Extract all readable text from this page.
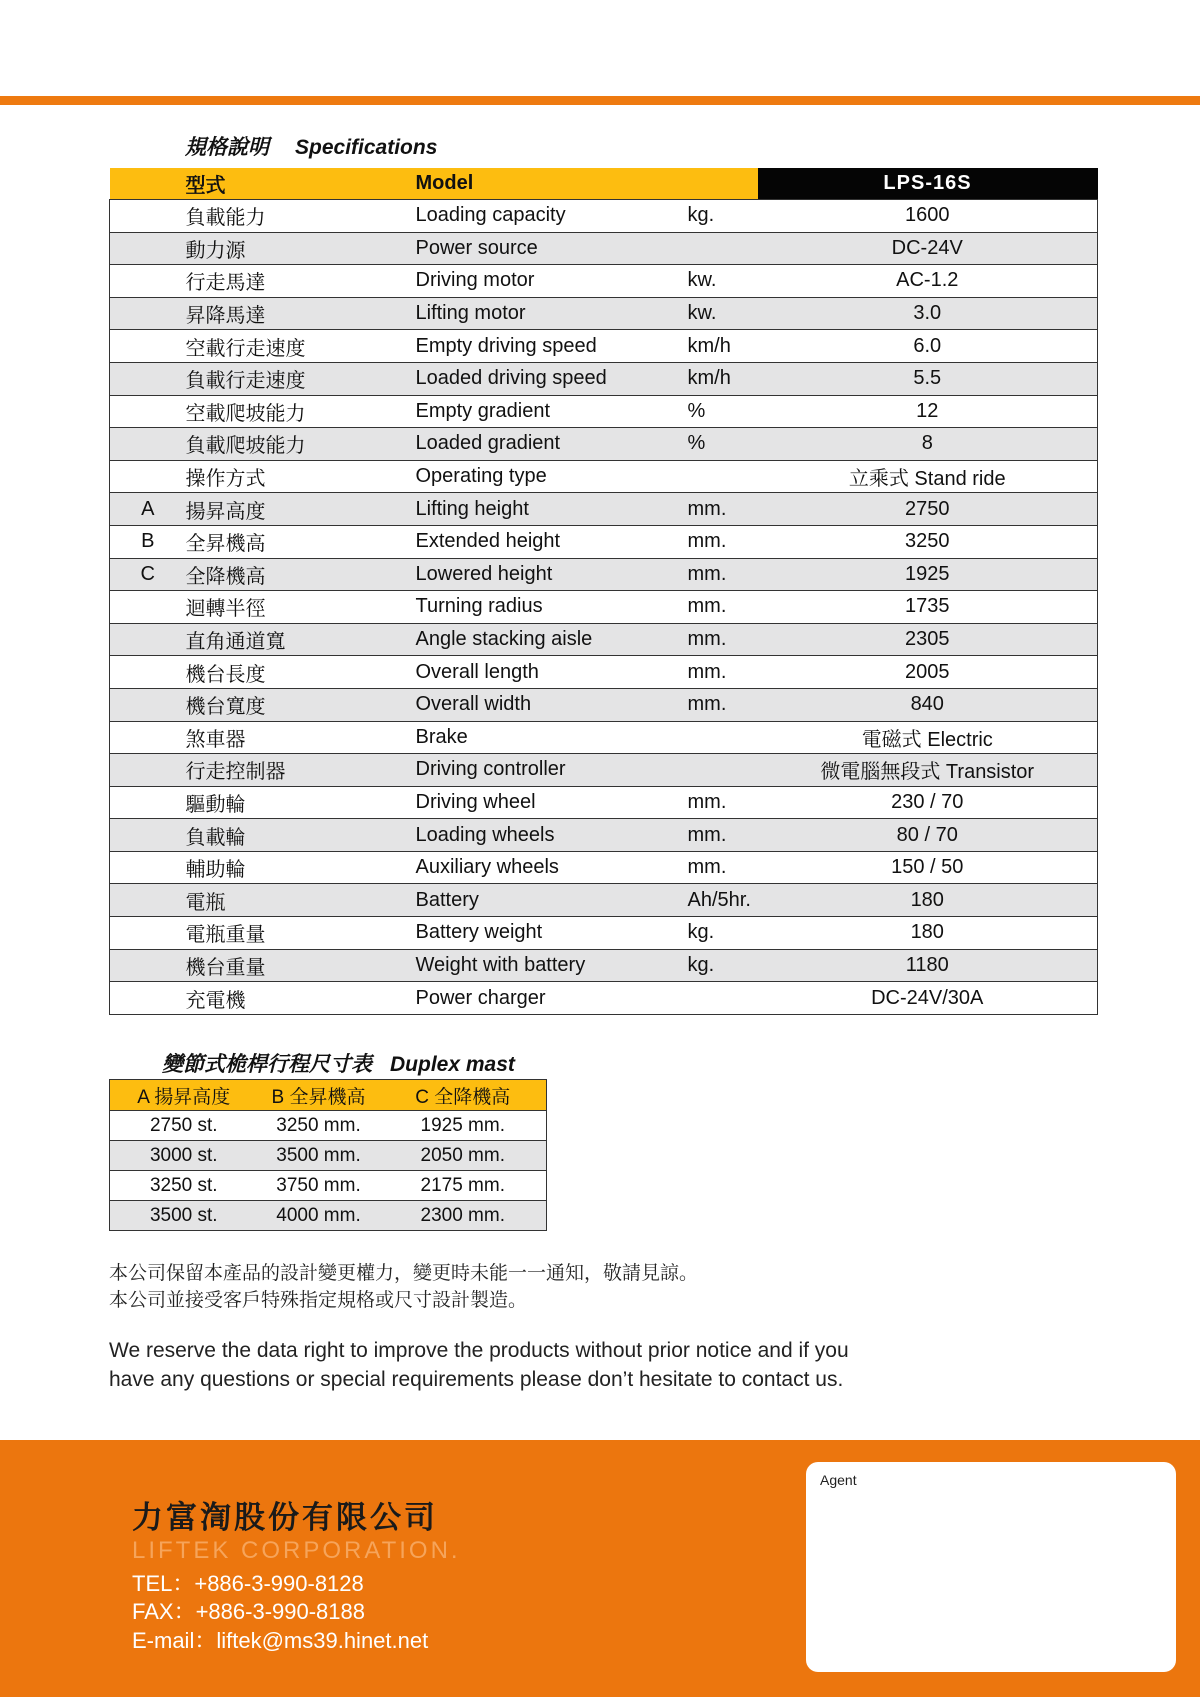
規格說明 Specifications
	型式	Model		LPS-16S
	負載能力	Loading capacity	kg.	1600
	動力源	Power source		DC-24V
	行走馬達	Driving motor	kw.	AC-1.2
	昇降馬達	Lifting motor	kw.	3.0
	空載行走速度	Empty driving speed	km/h	6.0
	負載行走速度	Loaded driving speed	km/h	5.5
	空載爬坡能力	Empty gradient	%	12
	負載爬坡能力	Loaded gradient	%	8
	操作方式	Operating type		立乘式 Stand ride
A	揚昇高度	Lifting height	mm.	2750
B	全昇機高	Extended height	mm.	3250
C	全降機高	Lowered height	mm.	1925
	迴轉半徑	Turning radius	mm.	1735
	直角通道寬	Angle stacking aisle	mm.	2305
	機台長度	Overall length	mm.	2005
	機台寬度	Overall width	mm.	840
	煞車器	Brake		電磁式 Electric
	行走控制器	Driving controller		微電腦無段式 Transistor
	驅動輪	Driving wheel	mm.	230 / 70
	負載輪	Loading wheels	mm.	80 / 70
	輔助輪	Auxiliary wheels	mm.	150 / 50
	電瓶	Battery	Ah/5hr.	180
	電瓶重量	Battery weight	kg.	180
	機台重量	Weight with battery	kg.	1180
	充電機	Power charger		DC-24V/30A
變節式桅桿行程尺寸表 Duplex mast
A 揚昇高度	B 全昇機高	C 全降機高
2750 st.	3250 mm.	1925 mm.
3000 st.	3500 mm.	2050 mm.
3250 st.	3750 mm.	2175 mm.
3500 st.	4000 mm.	2300 mm.
本公司保留本產品的設計變更權力，變更時未能一一通知，敬請見諒。
本公司並接受客戶特殊指定規格或尺寸設計製造。
We reserve the data right to improve the products without prior notice and if you
have any questions or special requirements please don’t hesitate to contact us.
力富渹股份有限公司
LIFTEK CORPORATION.
TEL：+886-3-990-8128
FAX：+886-3-990-8188
E-mail：liftek@ms39.hinet.net
Agent
